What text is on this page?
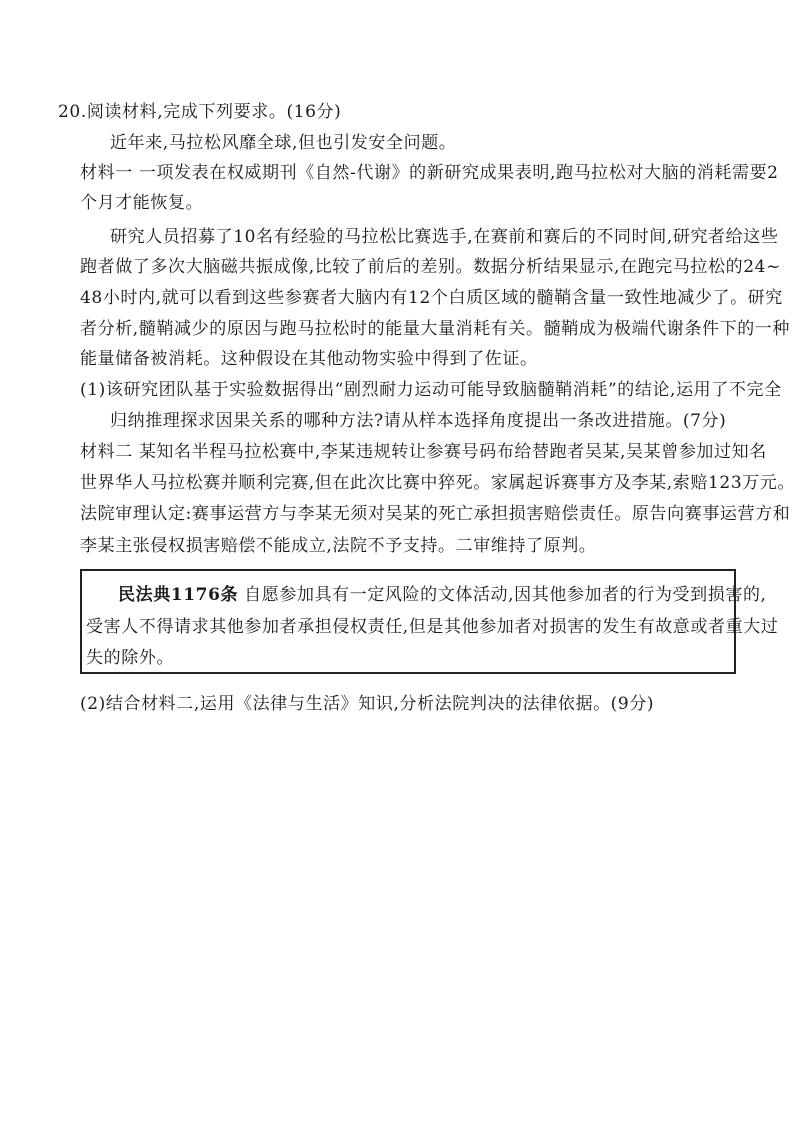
20.阅读材料,完成下列要求。(16分)
近年来,马拉松风靡全球,但也引发安全问题。
材料一 一项发表在权威期刊《自然-代谢》的新研究成果表明,跑马拉松对大脑的消耗需要2
个月才能恢复。
研究人员招募了10名有经验的马拉松比赛选手,在赛前和赛后的不同时间,研究者给这些
跑者做了多次大脑磁共振成像,比较了前后的差别。数据分析结果显示,在跑完马拉松的24~
48小时内,就可以看到这些参赛者大脑内有12个白质区域的髓鞘含量一致性地减少了。研究
者分析,髓鞘减少的原因与跑马拉松时的能量大量消耗有关。髓鞘成为极端代谢条件下的一种
能量储备被消耗。这种假设在其他动物实验中得到了佐证。
(1)该研究团队基于实验数据得出“剧烈耐力运动可能导致脑髓鞘消耗”的结论,运用了不完全
归纳推理探求因果关系的哪种方法?请从样本选择角度提出一条改进措施。(7分)
材料二 某知名半程马拉松赛中,李某违规转让参赛号码布给替跑者吴某,吴某曾参加过知名
世界华人马拉松赛并顺利完赛,但在此次比赛中猝死。家属起诉赛事方及李某,索赔123万元。
法院审理认定:赛事运营方与李某无须对吴某的死亡承担损害赔偿责任。原告向赛事运营方和
李某主张侵权损害赔偿不能成立,法院不予支持。二审维持了原判。
民法典1176条 自愿参加具有一定风险的文体活动,因其他参加者的行为受到损害的,
受害人不得请求其他参加者承担侵权责任,但是其他参加者对损害的发生有故意或者重大过
失的除外。
(2)结合材料二,运用《法律与生活》知识,分析法院判决的法律依据。(9分)
